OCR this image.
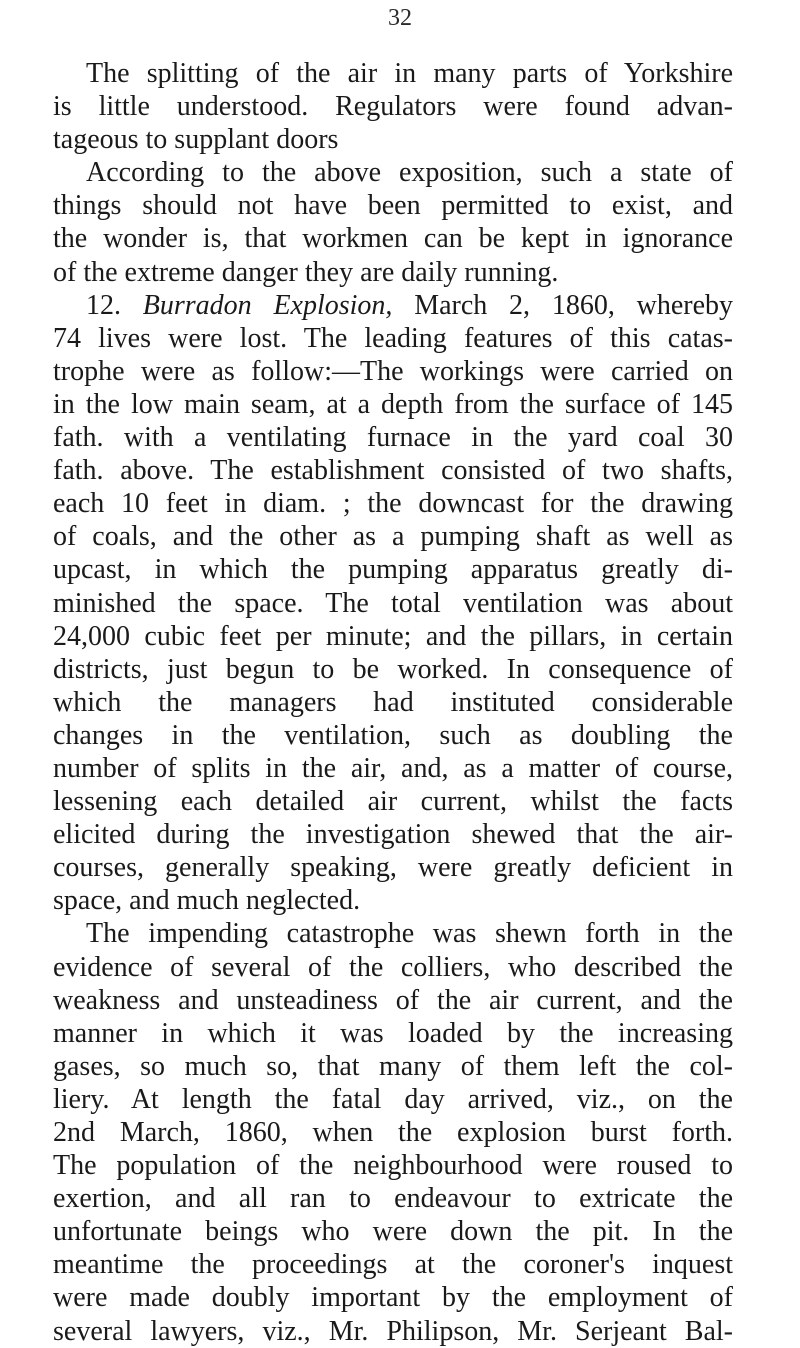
32
The splitting of the air in many parts of Yorkshire
is little understood. Regulators were found advan-
tageous to supplant doors
According to the above exposition, such a state of
things should not have been permitted to exist, and
the wonder is, that workmen can be kept in ignorance
of the extreme danger they are daily running.
12. Burradon Explosion, March 2, 1860, whereby
74 lives were lost. The leading features of this catas-
trophe were as follow:—The workings were carried on
in the low main seam, at a depth from the surface of 145
fath. with a ventilating furnace in the yard coal 30
fath. above. The establishment consisted of two shafts,
each 10 feet in diam. ; the downcast for the drawing
of coals, and the other as a pumping shaft as well as
upcast, in which the pumping apparatus greatly di-
minished the space. The total ventilation was about
24,000 cubic feet per minute; and the pillars, in certain
districts, just begun to be worked. In consequence of
which the managers had instituted considerable
changes in the ventilation, such as doubling the
number of splits in the air, and, as a matter of course,
lessening each detailed air current, whilst the facts
elicited during the investigation shewed that the air-
courses, generally speaking, were greatly deficient in
space, and much neglected.
The impending catastrophe was shewn forth in the
evidence of several of the colliers, who described the
weakness and unsteadiness of the air current, and the
manner in which it was loaded by the increasing
gases, so much so, that many of them left the col-
liery. At length the fatal day arrived, viz., on the
2nd March, 1860, when the explosion burst forth.
The population of the neighbourhood were roused to
exertion, and all ran to endeavour to extricate the
unfortunate beings who were down the pit. In the
meantime the proceedings at the coroner's inquest
were made doubly important by the employment of
several lawyers, viz., Mr. Philipson, Mr. Serjeant Bal-
